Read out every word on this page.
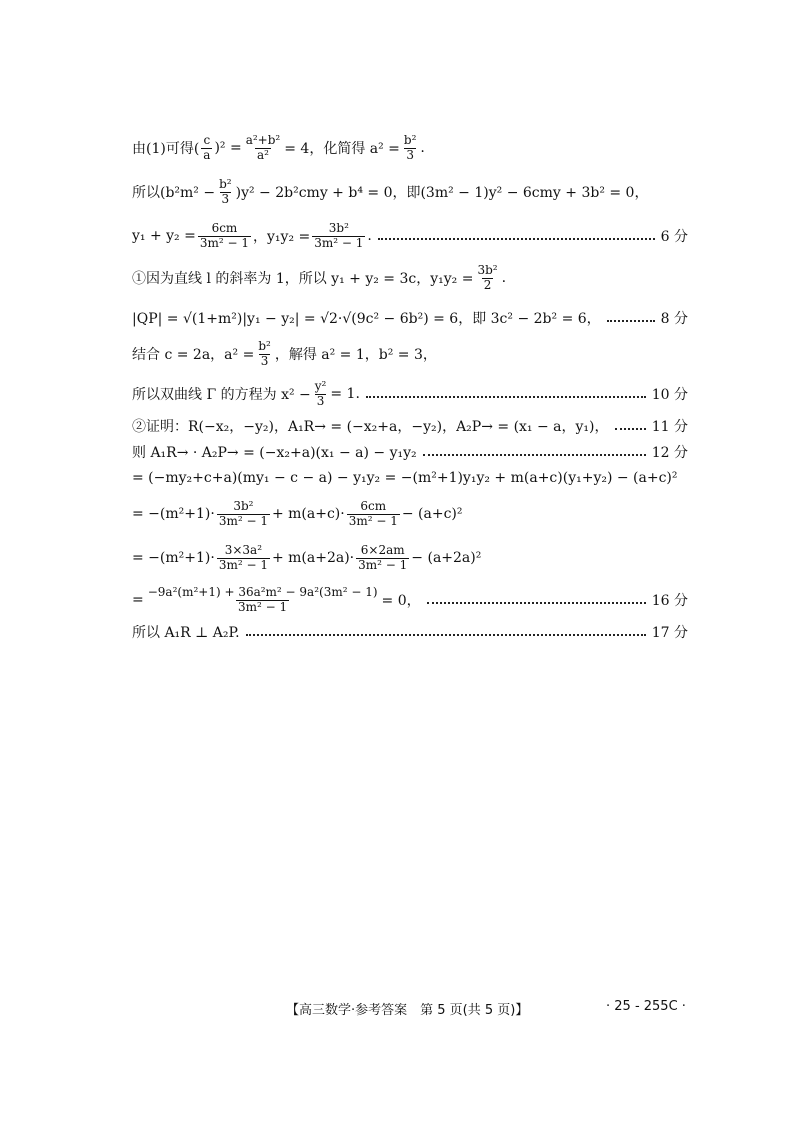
由(1)可得( $\frac{c}{a} )^2 = \frac{\text{a²+b²}}{\text{a²}} = 4$，化简得 $a^2 = \frac{\text{b²}}{3}$ .
所以$(b^2m^2 - \frac{\text{b²}}{3} )y^2 - 2b^2cmy + b^4 = 0$，即(3m² − 1)y² − 6cmy + 3b² = 0，
$y_1 + y_2 = \frac{6cm}{\text{3m² − 1}}$ ，$y_1y_2 = \frac{\text{3b²}}{\text{3m² − 1}}$ .	6 分
①因为直线 l 的斜率为 1，所以 y₁ + y₂ = 3c，$y_1y_2 = \frac{\text{3b²}}{2}$ .
|QP| = √(1+m²)|y₁ − y₂| = √2·√(9c² − 6b²) = 6，即 3c² − 2b² = 6，	8 分
结合 c = 2a，$a^2 = \frac{\text{b²}}{3}$ ，解得 a² = 1，b² = 3，
所以双曲线 Γ 的方程为 $x^2 - \frac{\text{y²}}{3} = 1$.	10 分
②证明：R(−x₂，−y₂)，A₁R→ = (−x₂+a，−y₂)，A₂P→ = (x₁ − a，y₁)，	11 分
则 A₁R→ · A₂P→ = (−x₂+a)(x₁ − a) − y₁y₂	12 分
= (−my₂+c+a)(my₁ − c − a) − y₁y₂ = −(m²+1)y₁y₂ + m(a+c)(y₁+y₂) − (a+c)²
= $-(m^2+1)\cdot \frac{\text{3b²}}{\text{3m² − 1}} + m(a+c)\cdot \frac{6cm}{\text{3m² − 1}} - (a+c)^2$
= $-(m^2+1)\cdot \frac{\text{3×3a²}}{\text{3m² − 1}} + m(a+2a)\cdot \frac{6\times 2am}{\text{3m² − 1}} - (a+2a)^2$
= $\frac{\text{−9a²(m²+1) + 36a²m² − 9a²(3m² − 1)}}{\text{3m² − 1}} = 0$，	16 分
所以 A₁R ⊥ A₂P.	17 分
【高三数学·参考答案　第 5 页(共 5 页)】	· 25 - 255C ·
